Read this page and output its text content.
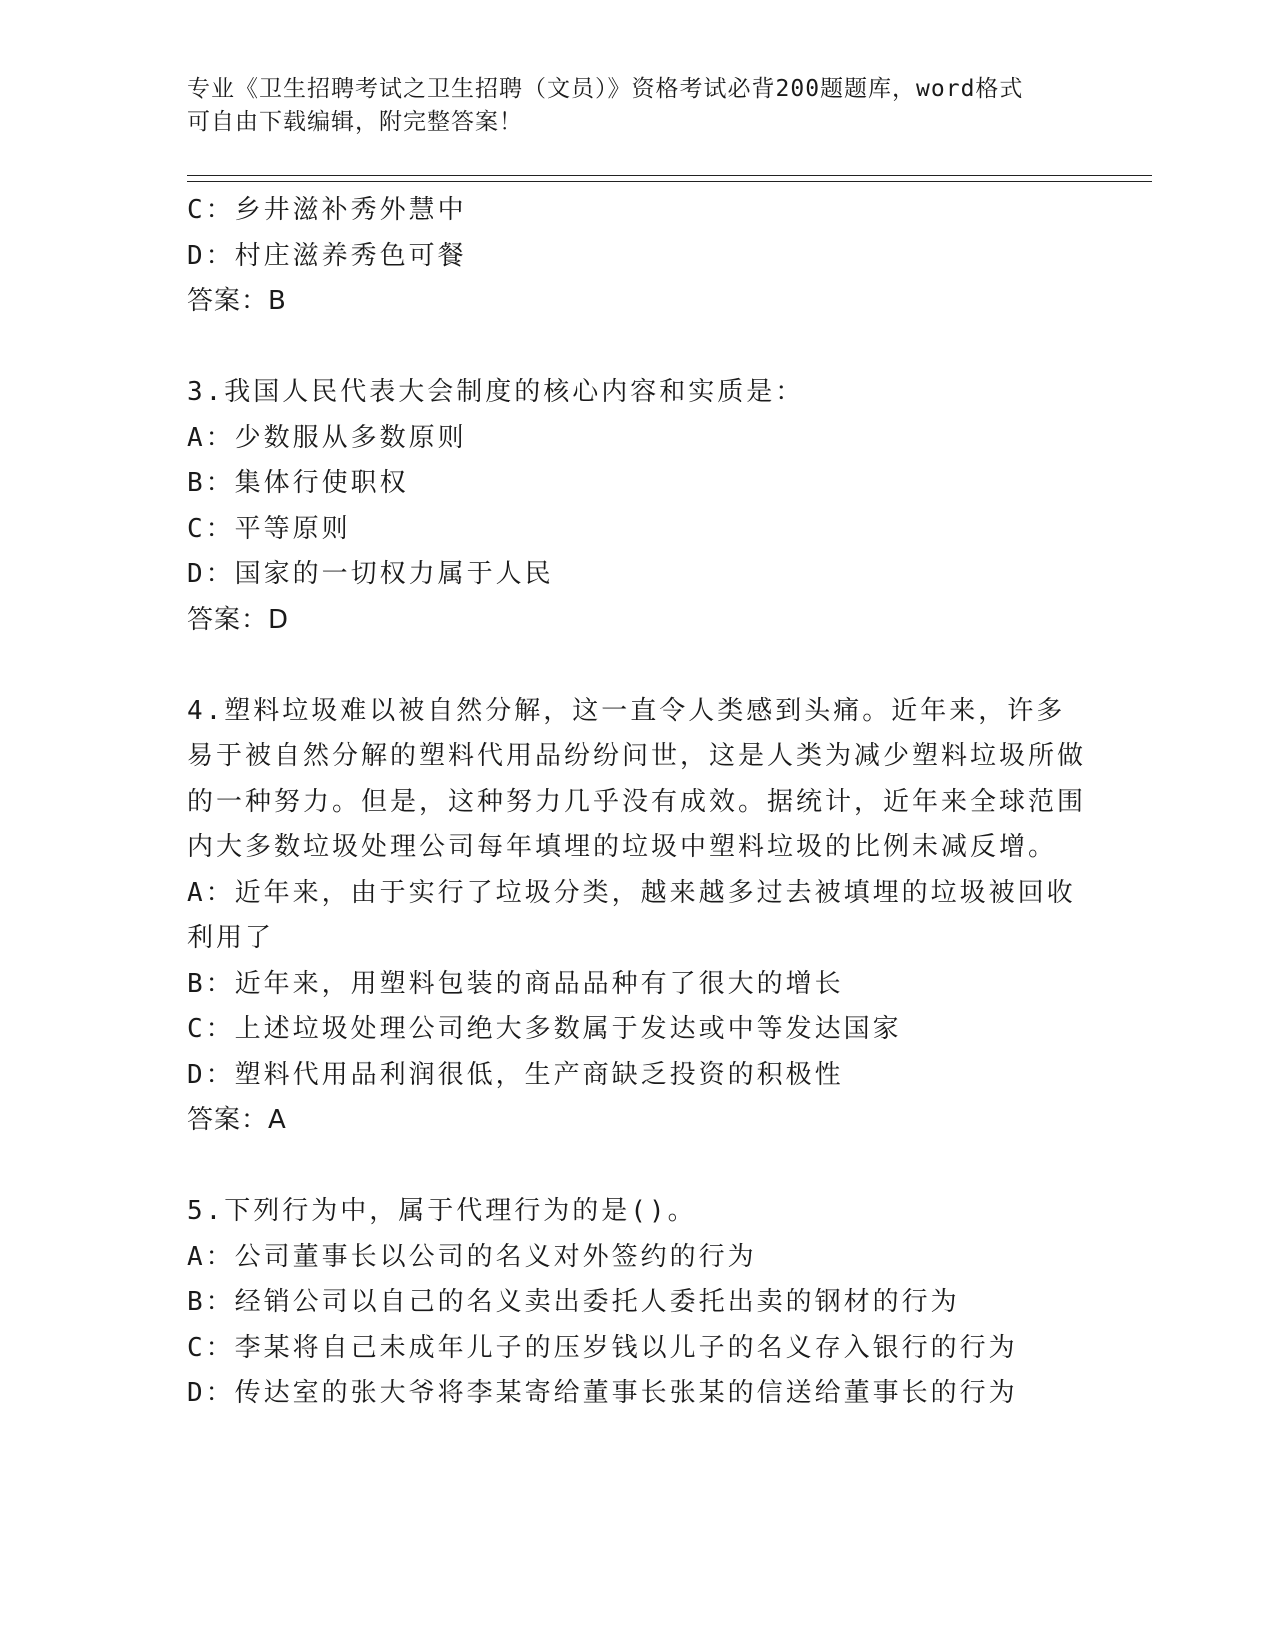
专业《卫生招聘考试之卫生招聘（文员）》资格考试必背200题题库，word格式
可自由下载编辑，附完整答案！
C：乡井滋补秀外慧中
D：村庄滋养秀色可餐
答案：B
3.我国人民代表大会制度的核心内容和实质是：
A：少数服从多数原则
B：集体行使职权
C：平等原则
D：国家的一切权力属于人民
答案：D
4.塑料垃圾难以被自然分解，这一直令人类感到头痛。近年来，许多易于被自然分解的塑料代用品纷纷问世，这是人类为减少塑料垃圾所做的一种努力。但是，这种努力几乎没有成效。据统计，近年来全球范围内大多数垃圾处理公司每年填埋的垃圾中塑料垃圾的比例未减反增。
A：近年来，由于实行了垃圾分类，越来越多过去被填埋的垃圾被回收利用了
B：近年来，用塑料包装的商品品种有了很大的增长
C：上述垃圾处理公司绝大多数属于发达或中等发达国家
D：塑料代用品利润很低，生产商缺乏投资的积极性
答案：A
5.下列行为中，属于代理行为的是()。
A：公司董事长以公司的名义对外签约的行为
B：经销公司以自己的名义卖出委托人委托出卖的钢材的行为
C：李某将自己未成年儿子的压岁钱以儿子的名义存入银行的行为
D：传达室的张大爷将李某寄给董事长张某的信送给董事长的行为
